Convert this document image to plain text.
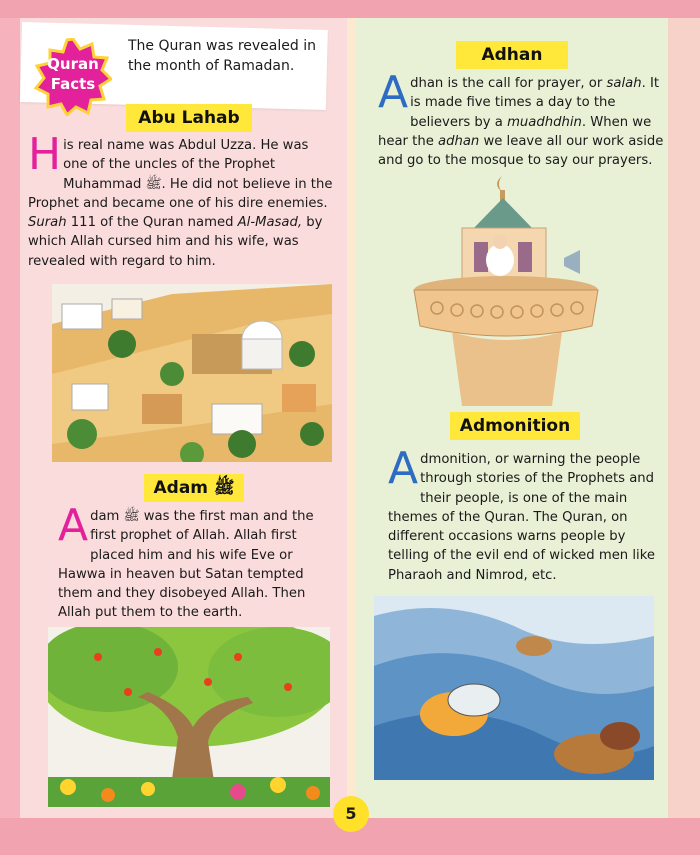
Quran Facts
The Quran was revealed in the month of Ramadan.
Abu Lahab
His real name was Abdul Uzza. He was one of the uncles of the Prophet Muhammad ﷺ. He did not believe in the Prophet and became one of his dire enemies. Surah 111 of the Quran named Al-Masad, by which Allah cursed him and his wife, was revealed with regard to him.
Adam ﷺ
Adam ﷺ was the first man and the first prophet of Allah. Allah first placed him and his wife Eve or Hawwa in heaven but Satan tempted them and they disobeyed Allah. Then Allah put them to the earth.
Adhan
Adhan is the call for prayer, or salah. It is made five times a day to the believers by a muadhdhin. When we hear the adhan we leave all our work aside and go to the mosque to say our prayers.
Admonition
Admonition, or warning the people through stories of the Prophets and their people, is one of the main themes of the Quran. The Quran, on different occasions warns people by telling of the evil end of wicked men like Pharaoh and Nimrod, etc.
5
